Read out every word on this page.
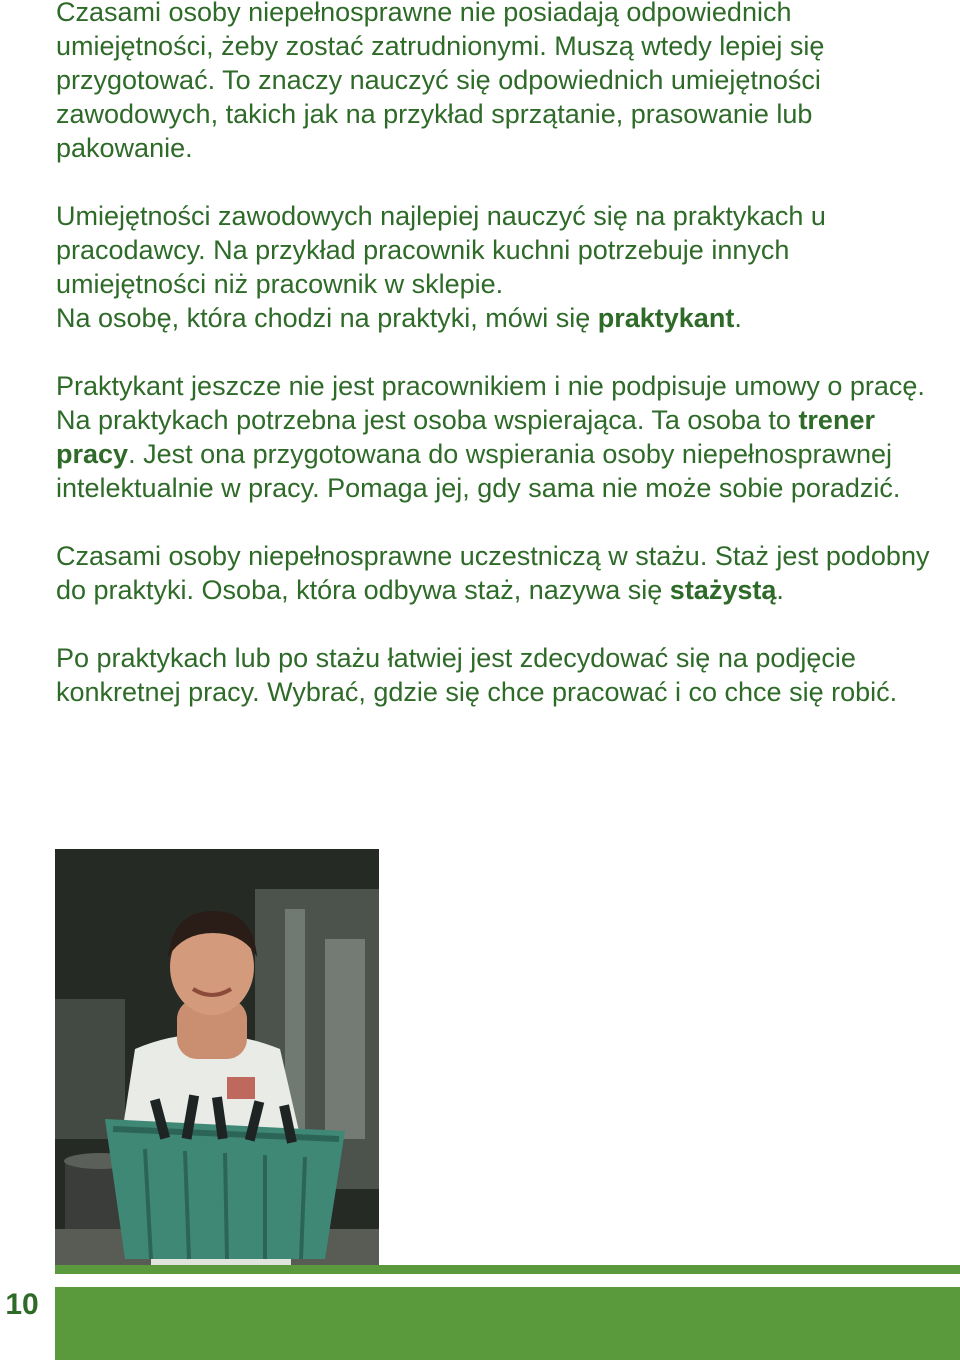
Czasami osoby niepełnosprawne nie posiadają odpowiednich umiejętności, żeby zostać zatrudnionymi. Muszą wtedy lepiej się przygotować. To znaczy nauczyć się odpowiednich umiejętności zawodowych, takich jak na przykład sprzątanie, prasowanie lub pakowanie.

Umiejętności zawodowych najlepiej nauczyć się na praktykach u pracodawcy. Na przykład pracownik kuchni potrzebuje innych umiejętności niż pracownik w sklepie.

Na osobę, która chodzi na praktyki, mówi się praktykant.

Praktykant jeszcze nie jest pracownikiem i nie podpisuje umowy o pracę. Na praktykach potrzebna jest osoba wspierająca. Ta osoba to trener pracy. Jest ona przygotowana do wspierania osoby niepełnosprawnej intelektualnie w pracy. Pomaga jej, gdy sama nie może sobie poradzić.

Czasami osoby niepełnosprawne uczestniczą w stażu. Staż jest podobny do praktyki. Osoba, która odbywa staż, nazywa się stażystą.

Po praktykach lub po stażu łatwiej jest zdecydować się na podjęcie konkretnej pracy. Wybrać, gdzie się chce pracować i co chce się robić.

10
